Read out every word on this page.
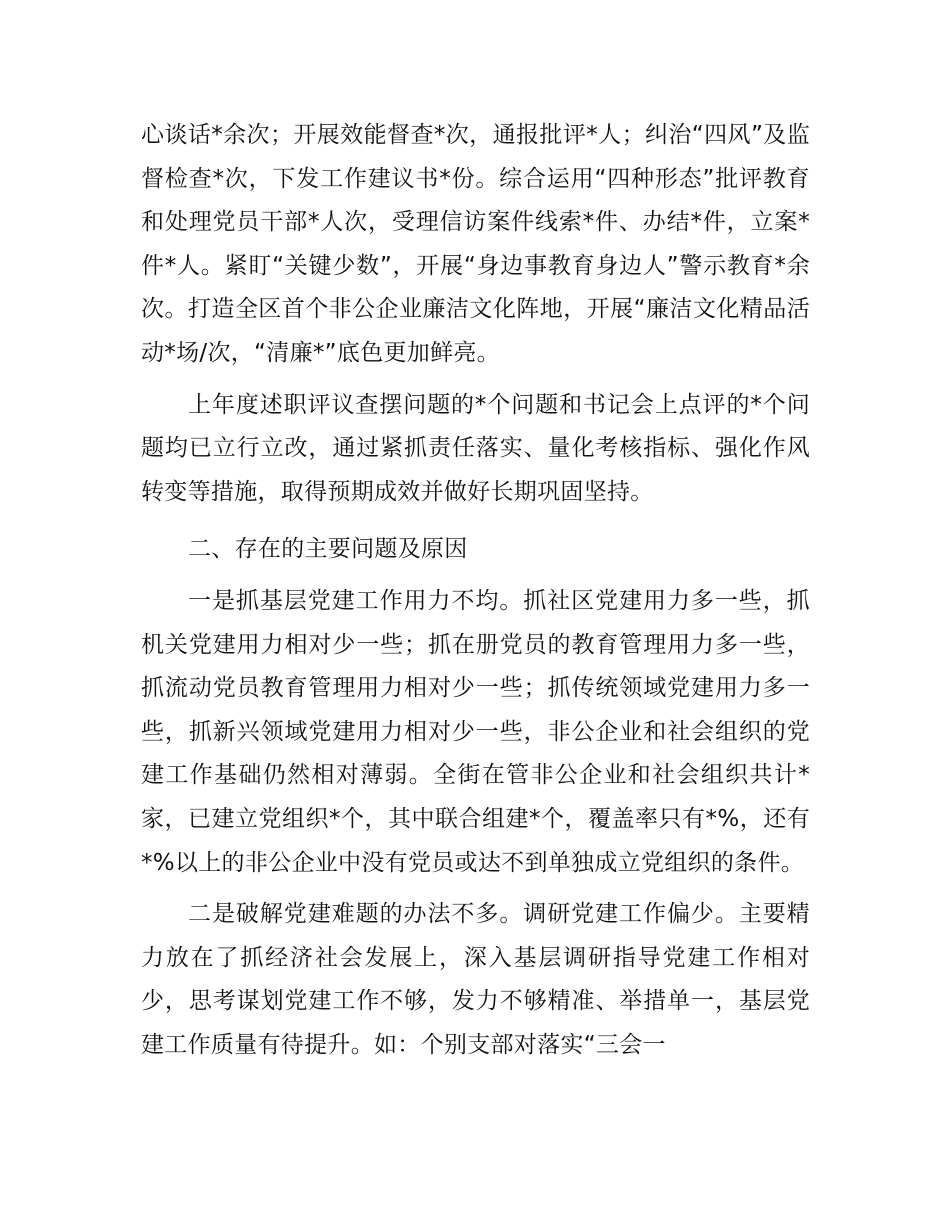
心谈话*余次；开展效能督查*次，通报批评*人；纠治“四风”及监督检查*次，下发工作建议书*份。综合运用“四种形态”批评教育和处理党员干部*人次，受理信访案件线索*件、办结*件，立案*件*人。紧盯“关键少数”，开展“身边事教育身边人”警示教育*余次。打造全区首个非公企业廉洁文化阵地，开展“廉洁文化精品活动*场/次，“清廉*”底色更加鲜亮。

上年度述职评议查摆问题的*个问题和书记会上点评的*个问题均已立行立改，通过紧抓责任落实、量化考核指标、强化作风转变等措施，取得预期成效并做好长期巩固坚持。

二、存在的主要问题及原因

一是抓基层党建工作用力不均。抓社区党建用力多一些，抓机关党建用力相对少一些；抓在册党员的教育管理用力多一些，抓流动党员教育管理用力相对少一些；抓传统领域党建用力多一些，抓新兴领域党建用力相对少一些，非公企业和社会组织的党建工作基础仍然相对薄弱。全街在管非公企业和社会组织共计*家，已建立党组织*个，其中联合组建*个，覆盖率只有*%，还有*%以上的非公企业中没有党员或达不到单独成立党组织的条件。

二是破解党建难题的办法不多。调研党建工作偏少。主要精力放在了抓经济社会发展上，深入基层调研指导党建工作相对少，思考谋划党建工作不够，发力不够精准、举措单一，基层党建工作质量有待提升。如：个别支部对落实“三会一
